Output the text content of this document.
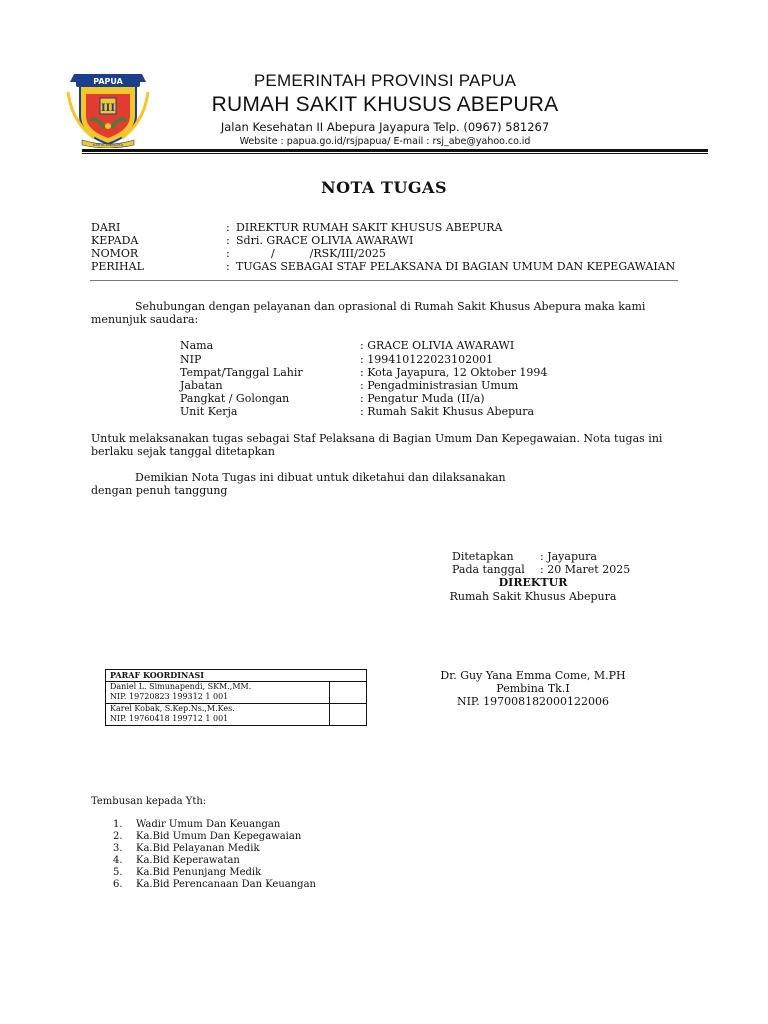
III
PAPUA
KARYA SWADAYA
PEMERINTAH PROVINSI PAPUA
RUMAH SAKIT KHUSUS ABEPURA
Jalan Kesehatan II Abepura Jayapura Telp. (0967) 581267
Website : papua.go.id/rsjpapua/ E-mail : rsj_abe@yahoo.co.id
NOTA TUGAS
DARI	: DIREKTUR RUMAH SAKIT KHUSUS ABEPURA
KEPADA	: Sdri. GRACE OLIVIA AWARAWI
NOMOR	: /          /RSK/III/2025
PERIHAL	: TUGAS SEBAGAI STAF PELAKSANA DI BAGIAN UMUM DAN KEPEGAWAIAN
Sehubungan dengan pelayanan dan oprasional di Rumah Sakit Khusus Abepura maka kami menunjuk saudara:
Nama	: GRACE OLIVIA AWARAWI
NIP	: 199410122023102001
Tempat/Tanggal Lahir	: Kota Jayapura, 12 Oktober 1994
Jabatan	: Pengadministrasian Umum
Pangkat / Golongan	: Pengatur Muda (II/a)
Unit Kerja	: Rumah Sakit Khusus Abepura
Untuk melaksanakan tugas sebagai Staf Pelaksana di Bagian Umum Dan Kepegawaian. Nota tugas ini berlaku sejak tanggal ditetapkan
Demikian Nota Tugas ini dibuat untuk diketahui dan dilaksanakan
dengan penuh tanggung
Ditetapkan : Jayapura
Pada tanggal : 20 Maret 2025
DIREKTUR
Rumah Sakit Khusus Abepura
Dr. Guy Yana Emma Come, M.PH
Pembina Tk.I
NIP. 197008182000122006
PARAF KOORDINASI	

Daniel L. Simunapendi, SKM.,MM.
NIP. 19720823 199312 1 001	

Karel Kobak, S.Kep.Ns.,M.Kes.
NIP. 19760418 199712 1 001	

Tembusan kepada Yth:
1. Wadir Umum Dan Keuangan
2. Ka.Bid Umum Dan Kepegawaian
3. Ka.Bid Pelayanan Medik
4. Ka.Bid Keperawatan
5. Ka.Bid Penunjang Medik
6. Ka.Bid Perencanaan Dan Keuangan
